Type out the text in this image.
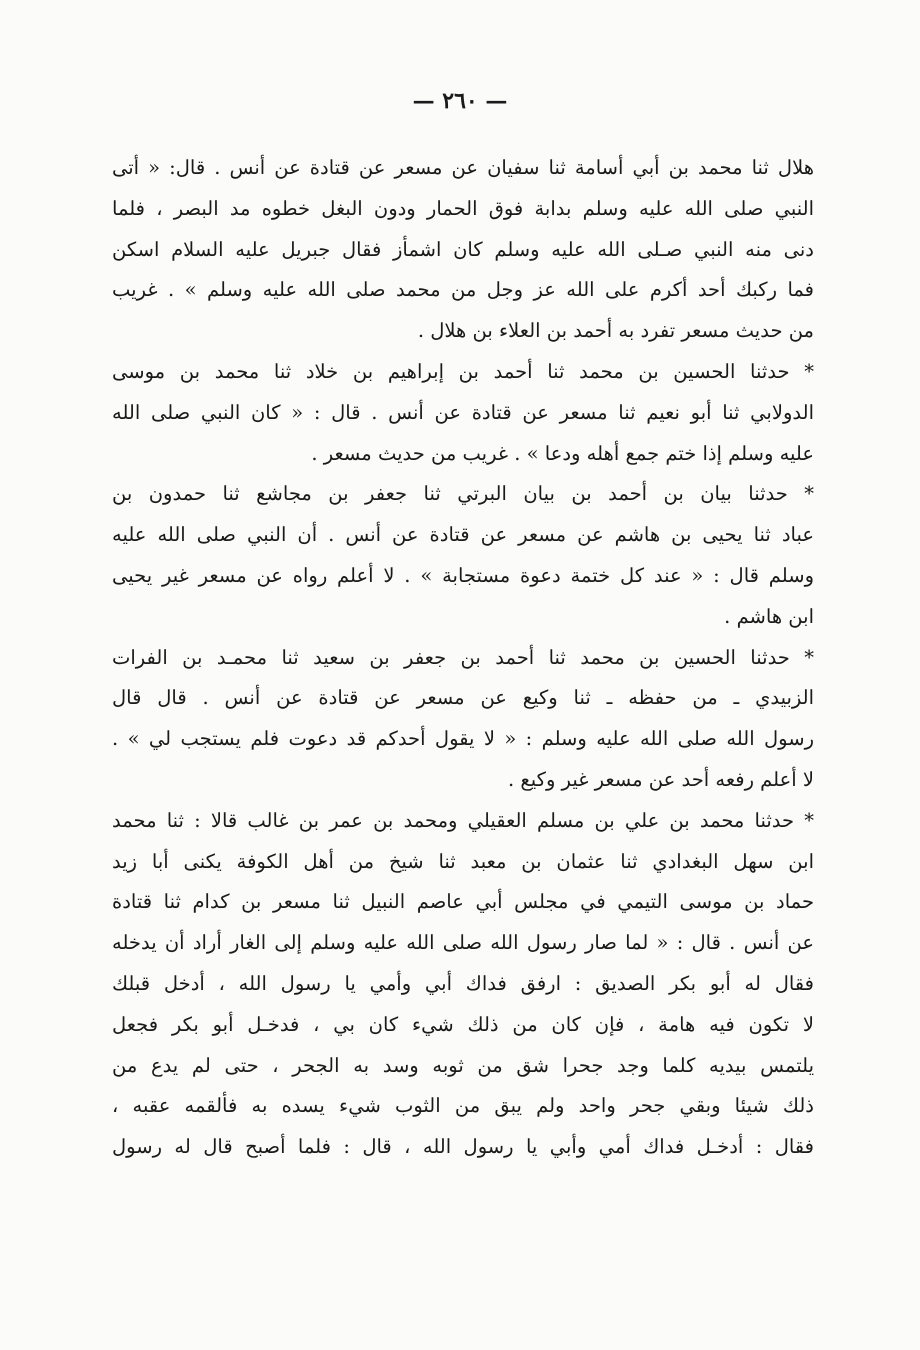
— ٢٦٠ —
هلال ثنا محمد بن أبي أسامة ثنا سفيان عن مسعر عن قتادة عن أنس . قال: « أتى
النبي صلى الله عليه وسلم بدابة فوق الحمار ودون البغل خطوه مد البصر ، فلما
دنى منه النبي صـلى الله عليه وسلم كان اشمأز فقال جبريل عليه السلام اسكن
فما ركبك أحد أكرم على الله عز وجل من محمد صلى الله عليه وسلم » . غريب
من حديث مسعر تفرد به أحمد بن العلاء بن هلال .
* حدثنا الحسين بن محمد ثنا أحمد بن إبراهيم بن خلاد ثنا محمد بن موسى
الدولابي ثنا أبو نعيم ثنا مسعر عن قتادة عن أنس . قال : « كان النبي صلى الله
عليه وسلم إذا ختم جمع أهله ودعا » . غريب من حديث مسعر .
* حدثنا بيان بن أحمد بن بيان البرتي ثنا جعفر بن مجاشع ثنا حمدون بن
عباد ثنا يحيى بن هاشم عن مسعر عن قتادة عن أنس . أن النبي صلى الله عليه
وسلم قال : « عند كل ختمة دعوة مستجابة » . لا أعلم رواه عن مسعر غير يحيى
ابن هاشم .
* حدثنا الحسين بن محمد ثنا أحمد بن جعفر بن سعيد ثنا محمـد بن الفرات
الزبيدي ـ من حفظه ـ ثنا وكيع عن مسعر عن قتادة عن أنس . قال قال
رسول الله صلى الله عليه وسلم : « لا يقول أحدكم قد دعوت فلم يستجب لي » .
لا أعلم رفعه أحد عن مسعر غير وكيع .
* حدثنا محمد بن علي بن مسلم العقيلي ومحمد بن عمر بن غالب قالا : ثنا محمد
ابن سهل البغدادي ثنا عثمان بن معبد ثنا شيخ من أهل الكوفة يكنى أبا زيد
حماد بن موسى التيمي في مجلس أبي عاصم النبيل ثنا مسعر بن كدام ثنا قتادة
عن أنس . قال : « لما صار رسول الله صلى الله عليه وسلم إلى الغار أراد أن يدخله
فقال له أبو بكر الصديق : ارفق فداك أبي وأمي يا رسول الله ، أدخل قبلك
لا تكون فيه هامة ، فإن كان من ذلك شيء كان بي ، فدخـل أبو بكر فجعل
يلتمس بيديه كلما وجد جحرا شق من ثوبه وسد به الجحر ، حتى لم يدع من
ذلك شيئا وبقي جحر واحد ولم يبق من الثوب شيء يسده به فألقمه عقبه ،
فقال : أدخـل فداك أمي وأبي يا رسول الله ، قال : فلما أصبح قال له رسول
